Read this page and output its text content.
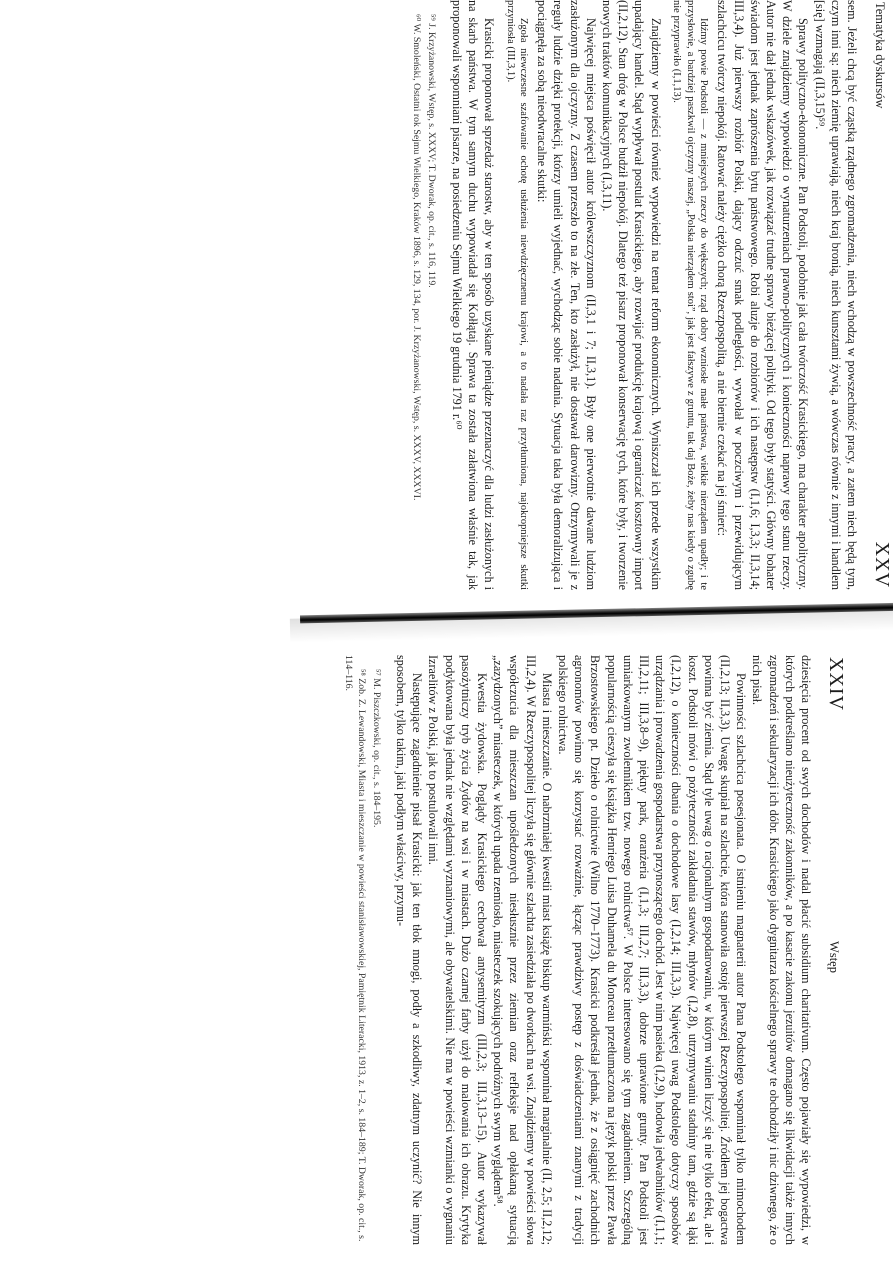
Tematyka dyskursów
XXV

sem. Jeżeli chcą być cząstką rządnego zgromadzenia, niech wchodzą w powszechność pracy, a zatem niech będą tym, czym inni są: niech ziemię uprawiają, niech kraj bronią, niech kunsztami żywią, a wówczas równie z innymi i handlem [się] wzmagają (II,3,15)⁵⁹.

Sprawy polityczno-ekonomiczne. Pan Podstoli, podobnie jak cała twórczość Krasickiego, ma charakter apolityczny. W dziele znajdziemy wypowiedzi o wynaturzeniach prawno-politycznych i konieczności naprawy tego stanu rzeczy. Autor nie dał jednak wskazówek, jak rozwiązać trudne sprawy bieżącej polityki. Od tego były statyści. Główny bohater świadom jest jednak zaprószenia bytu państwowego. Robi aluzje do rozbiorów i ich następstw (I,1,6; I,3,3; II,3,14; III,3,4). Już pierwszy rozbiór Polski, dający odczuć smak podległości, wywołał w poczciwym i przewidującym szlachcicu twórczy niepokój. Ratować należy ciężko chorą Rzeczpospolitą, a nie biernie czekać na jej śmierć:

Idźmy powie Podstoli — z mniejszych rzeczy do większych; rząd dobry wzniosłe małe państwa, wielkie nierządem upadły; i te przysłowie, a bardziej paszkwil ojczyzny naszej, „Polska nierządem stoi”, jak jest fałszywe z gruntu, tak daj Boże, żeby nas kiedy o zgubę nie przyprawiło (I,1,13).

Znajdziemy w powieści również wypowiedzi na temat reform ekonomicznych. Wyniszczał ich przede wszystkim upadający handel. Stąd wypływał postulat Krasickiego, aby rozwijać produkcję krajową i ograniczać kosztowny import (II,2,12). Stan dróg w Polsce budził niepokój. Dlatego też pisarz proponował konserwację tych, które były, i tworzenie nowych traktów komunikacyjnych (I,3,11).

Najwięcej miejsca poświęcił autor królewszczyznom (II,3,1 i 7; II,3,1). Były one pierwotnie dawane ludziom zasłużonym dla ojczyzny. Z czasem przeszło to na złe. Ten, kto zasłużył, nie dostawał darowizny. Otrzymywali je z reguły ludzie dzięki protekcji, którzy umieli wyjednać, wychodząc sobie nadania. Sytuacja taka była demoralizująca i pociągnęła za sobą nieodwracalne skutki:

Zgoła niewczesne szafowanie ochotę usłużenia niewdzięcznemu krajowi, a to nadała raz przytłumiona, najokropniejsze skutki przyniosła (III,3,1).

Krasicki proponował sprzedaż starostw, aby w ten sposób uzyskane pieniądze przeznaczyć dla ludzi zasłużonych i na skarb państwa. W tym samym duchu wypowiadał się Kołłątaj. Sprawa ta została załatwiona właśnie tak, jak proponowali wspomniani pisarze, na posiedzeniu Sejmu Wielkiego 19 grudnia 1791 r.⁶⁰

⁵⁹ J. Krzyżanowski, Wstęp, s. XXXV; T. Dworak, op. cit., s. 116, 119.

⁶⁰ W. Smoleński, Ostatni rok Sejmu Wielkiego, Kraków 1896, s. 129, 134, por. J. Krzyżanowski, Wstęp, s. XXXV, XXXVI.

XXIV
Wstęp

dziesięcia procent od swych dochodów i nadal płacić subsidium charitativum. Często pojawiały się wypowiedzi, w których podkreślano nieużyteczność zakonników, a po kasacie zakonu jezuitów domagano się likwidacji także innych zgromadzeń i sekularyzacji ich dóbr. Krasickiego jako dygnitarza kościelnego sprawy te obchodziły i nic dziwnego, że o nich pisał.

Powinności szlachcica posesjonata. O istnieniu magnaterii autor Pana Podstolego wspominał tylko mimochodem (II,2,13; II,3,3). Uwagę skupiał na szlachcie, która stanowiła ostoję pierwszej Rzeczypospolitej. Źródłem jej bogactwa powinna być ziemia. Stąd tyle uwag o racjonalnym gospodarowaniu, w którym winien liczyć się nie tylko efekt, ale i koszt. Podstoli mówi o pożyteczności zakładania stawów, młynów (I,2,8), utrzymywaniu stadniny tam, gdzie są łąki (I,2,12), o konieczności dbania o dochodowe lasy (I,2,14; III,3,3). Najwięcej uwag Podstolego dotyczy sposobów urządzania i prowadzenia gospodarstwa przynoszącego dochód. Jest w nim pasieka (I,2,9), hodowla jedwabników (I,1,1; III,2,11; III,3,8–9), piękny park, oranżeria (I,1,3; III,2,7; III,3,3), dobrze uprawione grunty. Pan Podstoli jest umiarkowanym zwolennikiem tzw. nowego rolnictwa⁵⁷. W Polsce interesowano się tym zagadnieniem. Szczególną popularnością cieszyła się książka Henriego Luisa Duhamela du Monceau przetłumaczona na język polski przez Pawła Brzostowskiego pt. Dzieło o rolnictwie (Wilno 1770–1773). Krasicki podkreślał jednak, że z osiągnięć zachodnich agronomów powinno się korzystać rozważnie, łącząc prawdziwy postęp z doświadczeniami znanymi z tradycji polskiego rolnictwa.

Miasta i mieszczanie. O nabrzmiałej kwestii miast książę biskup warmiński wspominał marginalnie (II, 2,5; II,2,12; III,2,4). W Rzeczypospolitej liczyła się głównie szlachta zasiedziała po dworkach na wsi. Znajdziemy w powieści słowa współczucia dla mieszczan upośledzonych niesłusznie przez ziemian oraz refleksje nad opłakaną sytuacją „zazydzonych” miasteczek, w których upada rzemiosło, miasteczek szokujących podróżnych swym wyglądem⁵⁸.

Kwestia żydowska. Poglądy Krasickiego cechował antysemityzm (III,2,3; III,3,13–15). Autor wykazywał pasożytniczy tryb życia Żydów na wsi i w miastach. Dużo czarnej farby użył do malowania ich obrazu. Krytyka podyktowana była jednak nie względami wyznaniowymi, ale obywatelskimi. Nie ma w powieści wzmianki o wygnaniu Izraelitów z Polski, jak to postulowali inni.

Następujące zagadnienie pisał Krasicki: jak ten tłok mnogi, podły a szkodliwy, zdatnym uczynić? Nie innym sposobem, tylko takim, jaki podłym właściwy, przymu-

⁵⁷ M. Piszczkowski, op. cit., s. 184–195.

⁵⁸ Zob. Z. Lewandowski, Miasta i mieszczanie w powieści stanisławowskiej, Pamiętnik Literacki, 1913, z. 1–2, s. 184–189; T. Dworak, op. cit., s. 114–116.
